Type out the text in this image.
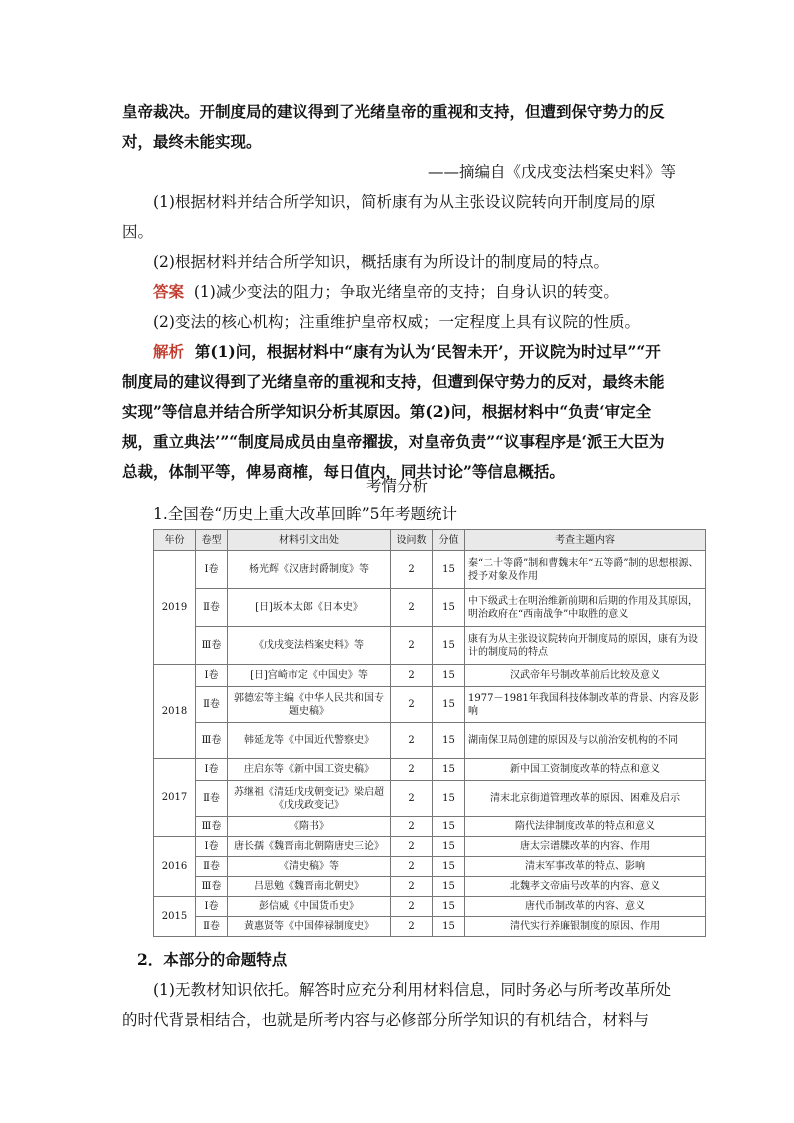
皇帝裁决。开制度局的建议得到了光绪皇帝的重视和支持，但遭到保守势力的反对，最终未能实现。
——摘编自《戊戌变法档案史料》等
(1)根据材料并结合所学知识，简析康有为从主张设议院转向开制度局的原因。
(2)根据材料并结合所学知识，概括康有为所设计的制度局的特点。
答案 (1)减少变法的阻力；争取光绪皇帝的支持；自身认识的转变。
(2)变法的核心机构；注重维护皇帝权威；一定程度上具有议院的性质。
解析 第(1)问，根据材料中“康有为认为‘民智未开’，开议院为时过早”“开制度局的建议得到了光绪皇帝的重视和支持，但遭到保守势力的反对，最终未能实现”等信息并结合所学知识分析其原因。第(2)问，根据材料中“负责‘审定全规，重立典法’”“制度局成员由皇帝擢拔，对皇帝负责”“议事程序是‘派王大臣为总裁，体制平等，俾易商榷，每日值内，同共讨论”等信息概括。
考情分析
1.全国卷“历史上重大改革回眸”5年考题统计
年份	卷型	材料引文出处	设问数	分值	考查主题内容
2019	Ⅰ卷	杨光辉《汉唐封爵制度》等	2	15	秦“二十等爵”制和曹魏末年“五等爵”制的思想根源、授予对象及作用
	Ⅱ卷	[日]坂本太郎《日本史》	2	15	中下级武士在明治维新前期和后期的作用及其原因，明治政府在“西南战争”中取胜的意义
	Ⅲ卷	《戊戌变法档案史料》等	2	15	康有为从主张设议院转向开制度局的原因，康有为设计的制度局的特点
2018	Ⅰ卷	[日]宫崎市定《中国史》等	2	15	汉武帝年号制改革前后比较及意义
	Ⅱ卷	郭德宏等主编《中华人民共和国专题史稿》	2	15	1977－1981年我国科技体制改革的背景、内容及影响
	Ⅲ卷	韩延龙等《中国近代警察史》	2	15	湖南保卫局创建的原因及与以前治安机构的不同
2017	Ⅰ卷	庄启东等《新中国工资史稿》	2	15	新中国工资制度改革的特点和意义
	Ⅱ卷	苏继祖《清廷戊戌朝变记》梁启超《戊戌政变记》	2	15	清末北京街道管理改革的原因、困难及启示
	Ⅲ卷	《隋书》	2	15	隋代法律制度改革的特点和意义
2016	Ⅰ卷	唐长孺《魏晋南北朝隋唐史三论》	2	15	唐太宗谱牒改革的内容、作用
	Ⅱ卷	《清史稿》等	2	15	清末军事改革的特点、影响
	Ⅲ卷	吕思勉《魏晋南北朝史》	2	15	北魏孝文帝庙号改革的内容、意义
2015	Ⅰ卷	彭信威《中国货币史》	2	15	唐代币制改革的内容、意义
	Ⅱ卷	黄惠贤等《中国俸禄制度史》	2	15	清代实行养廉银制度的原因、作用
2．本部分的命题特点
(1)无教材知识依托。解答时应充分利用材料信息，同时务必与所考改革所处的时代背景相结合，也就是所考内容与必修部分所学知识的有机结合，材料与
